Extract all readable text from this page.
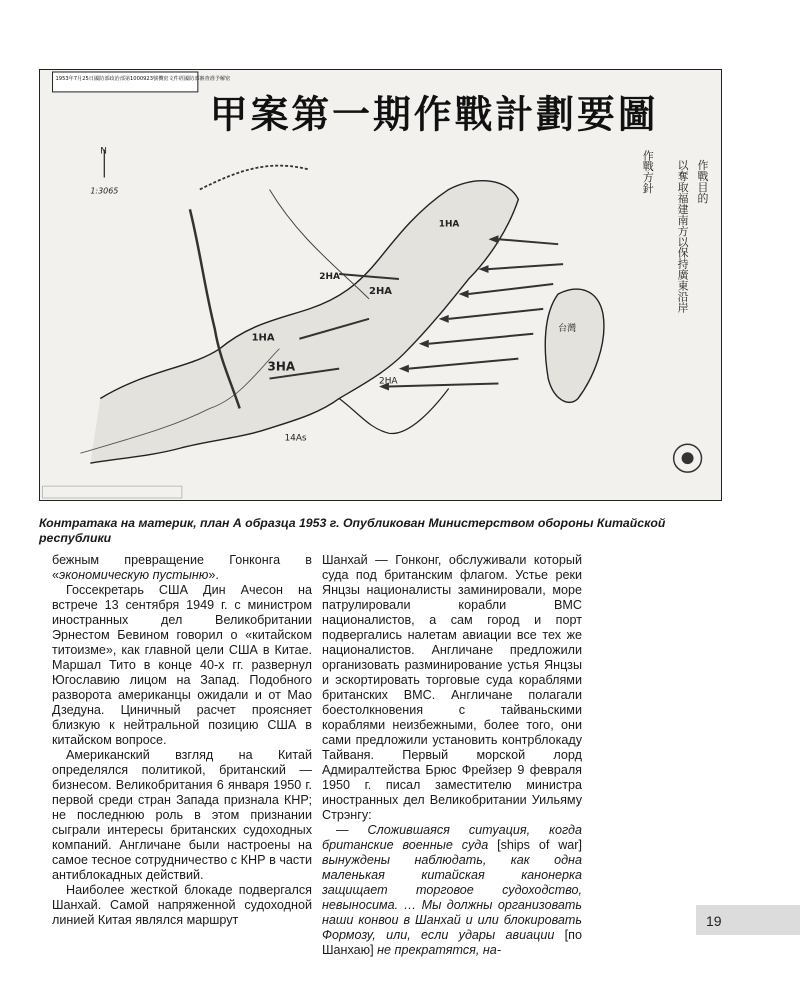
1953年7月25日國防部政治部第1000923號機密文件經國防部審查准予解密
甲案第一期作戰計劃要圖
N
1:3065
台灣
1HA
2HA
3HA
14As
2HA
1HA
2HA
作戰目的
以奪取福建南方以保持廣東沿岸
作戰方針
Контратака на материк, план А образца 1953 г. Опубликован Министерством обороны Китайской республики

бежным превращение Гонконга в «экономическую пустыню».

Госсекретарь США Дин Ачесон на встрече 13 сентября 1949 г. с министром иностранных дел Великобритании Эрнестом Бевином говорил о «китайском титоизме», как главной цели США в Китае. Маршал Тито в конце 40-х гг. развернул Югославию лицом на Запад. Подобного разворота американцы ожидали и от Мао Дзедуна. Циничный расчет проясняет близкую к нейтральной позицию США в китайском вопросе.

Американский взгляд на Китай определялся политикой, британский — бизнесом. Великобритания 6 января 1950 г. первой среди стран Запада признала КНР; не последнюю роль в этом признании сыграли интересы британских судоходных компаний. Англичане были настроены на самое тесное сотрудничество с КНР в части антиблокадных действий.

Наиболее жесткой блокаде подвергался Шанхай. Самой напряженной судоходной линией Китая являлся маршрут

Шанхай — Гонконг, обслуживали который суда под британским флагом. Устье реки Янцзы националисты заминировали, море патрулировали корабли ВМС националистов, а сам город и порт подвергались налетам авиации все тех же националистов. Англичане предложили организовать разминирование устья Янцзы и эскортировать торговые суда кораблями британских ВМС. Англичане полагали боестолкновения с тайваньскими кораблями неизбежными, более того, они сами предложили установить контрблокаду Тайваня. Первый морской лорд Адмиралтейства Брюс Фрейзер 9 февраля 1950 г. писал заместителю министра иностранных дел Великобритании Уильяму Стрэнгу:

— Сложившаяся ситуация, когда британские военные суда [ships of war] вынуждены наблюдать, как одна маленькая китайская канонерка защищает торговое судоходство, невыносима. … Мы должны организовать наши конвои в Шанхай и или блокировать Формозу, или, если удары авиации [по Шанхаю] не прекратятся, на-

19
